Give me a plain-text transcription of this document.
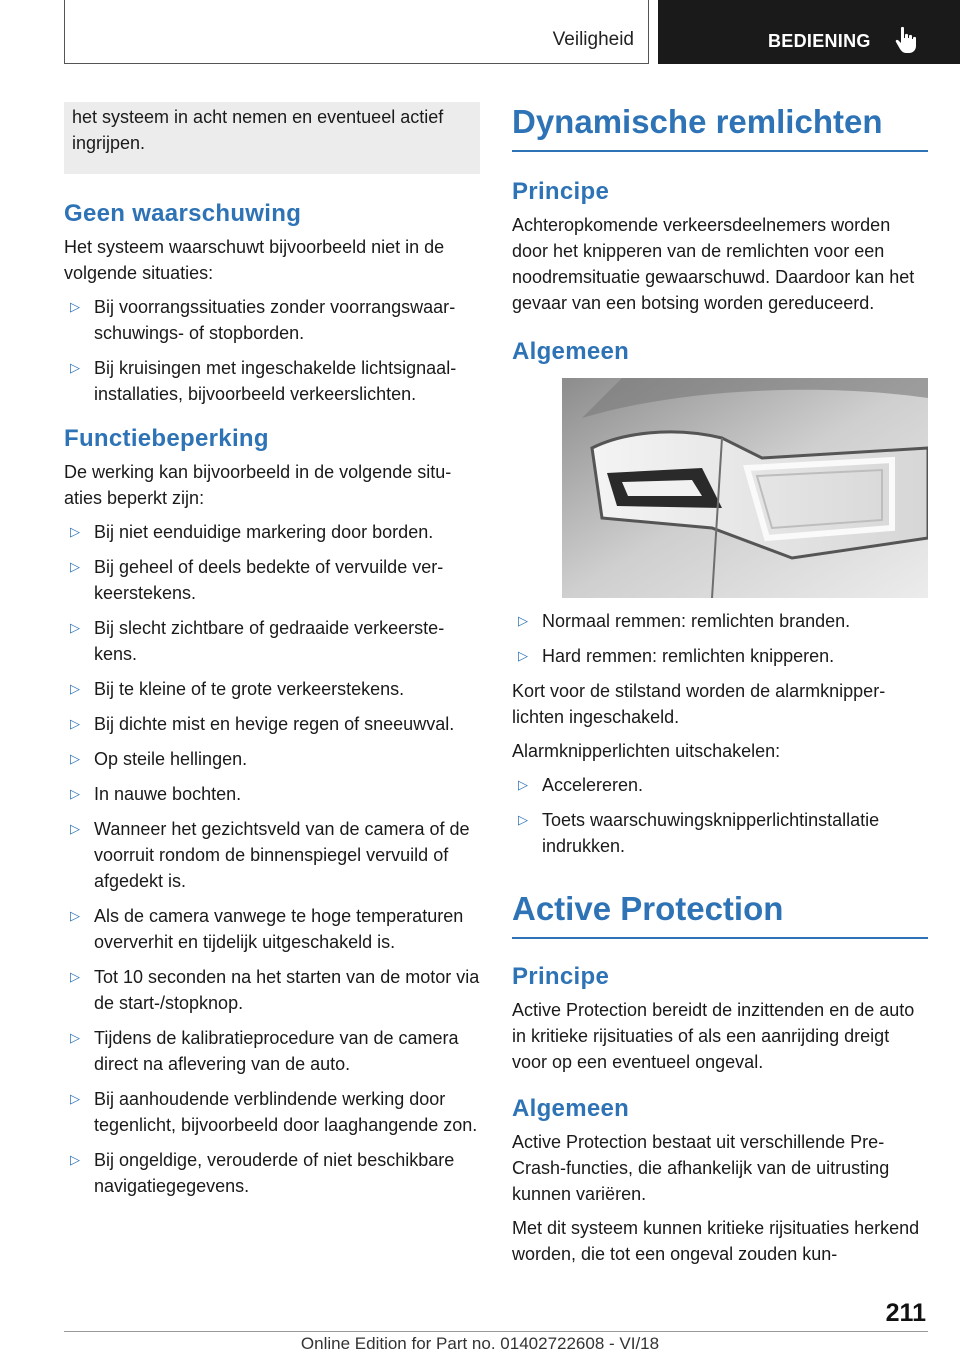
Veiligheid	BEDIENING

het systeem in acht nemen en eventueel actief ingrijpen.

Geen waarschuwing

Het systeem waarschuwt bijvoorbeeld niet in de volgende situaties:

▷ Bij voorrangssituaties zonder voorrangswaarschuwings- of stopborden.
▷ Bij kruisingen met ingeschakelde lichtsignaalinstallaties, bijvoorbeeld verkeerslichten.
Functiebeperking

De werking kan bijvoorbeeld in de volgende situaties beperkt zijn:

▷ Bij niet eenduidige markering door borden.
▷ Bij geheel of deels bedekte of vervuilde verkeerstekens.
▷ Bij slecht zichtbare of gedraaide verkeerstekens.
▷ Bij te kleine of te grote verkeerstekens.
▷ Bij dichte mist en hevige regen of sneeuwval.
▷ Op steile hellingen.
▷ In nauwe bochten.
▷ Wanneer het gezichtsveld van de camera of de voorruit rondom de binnenspiegel vervuild of afgedekt is.
▷ Als de camera vanwege te hoge temperaturen oververhit en tijdelijk uitgeschakeld is.
▷ Tot 10 seconden na het starten van de motor via de start-/stopknop.
▷ Tijdens de kalibratieprocedure van de camera direct na aflevering van de auto.
▷ Bij aanhoudende verblindende werking door tegenlicht, bijvoorbeeld door laaghangende zon.
▷ Bij ongeldige, verouderde of niet beschikbare navigatiegegevens.
Dynamische remlichten
Principe

Achteropkomende verkeersdeelnemers worden door het knipperen van de remlichten voor een noodremsituatie gewaarschuwd. Daardoor kan het gevaar van een botsing worden gereduceerd.

Algemeen
▷ Normaal remmen: remlichten branden.
▷ Hard remmen: remlichten knipperen.

Kort voor de stilstand worden de alarmknipperlichten ingeschakeld.

Alarmknipperlichten uitschakelen:

▷ Accelereren.
▷ Toets waarschuwingsknipperlichtinstallatie indrukken.
Active Protection
Principe

Active Protection bereidt de inzittenden en de auto in kritieke rijsituaties of als een aanrijding dreigt voor op een eventueel ongeval.

Algemeen

Active Protection bestaat uit verschillende Pre-Crash-functies, die afhankelijk van de uitrusting kunnen variëren.

Met dit systeem kunnen kritieke rijsituaties herkend worden, die tot een ongeval zouden kun-

211
Online Edition for Part no. 01402722608 - VI/18
